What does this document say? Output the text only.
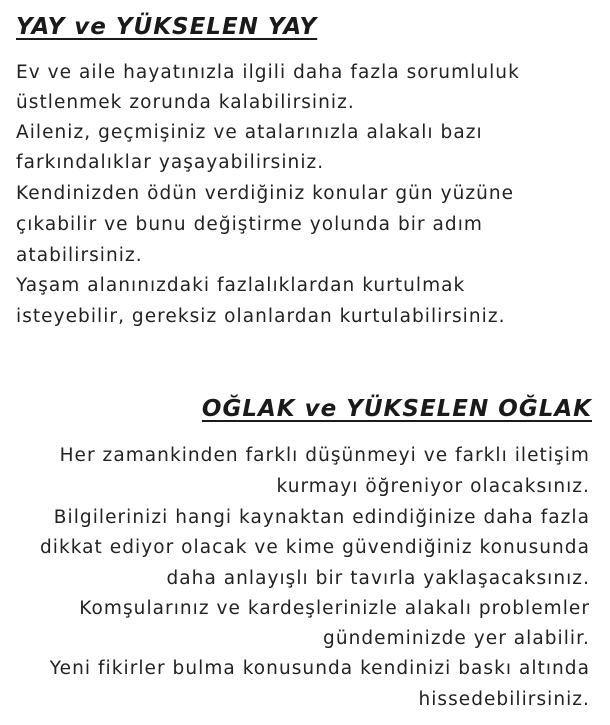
YAY ve YÜKSELEN YAY
Ev ve aile hayatınızla ilgili daha fazla sorumluluk
üstlenmek zorunda kalabilirsiniz.
Aileniz, geçmişiniz ve atalarınızla alakalı bazı
farkındalıklar yaşayabilirsiniz.
Kendinizden ödün verdiğiniz konular gün yüzüne
çıkabilir ve bunu değiştirme yolunda bir adım
atabilirsiniz.
Yaşam alanınızdaki fazlalıklardan kurtulmak
isteyebilir, gereksiz olanlardan kurtulabilirsiniz.
OĞLAK ve YÜKSELEN OĞLAK
Her zamankinden farklı düşünmeyi ve farklı iletişim
kurmayı öğreniyor olacaksınız.
Bilgilerinizi hangi kaynaktan edindiğinize daha fazla
dikkat ediyor olacak ve kime güvendiğiniz konusunda
daha anlayışlı bir tavırla yaklaşacaksınız.
Komşularınız ve kardeşlerinizle alakalı problemler
gündeminizde yer alabilir.
Yeni fikirler bulma konusunda kendinizi baskı altında
hissedebilirsiniz.
